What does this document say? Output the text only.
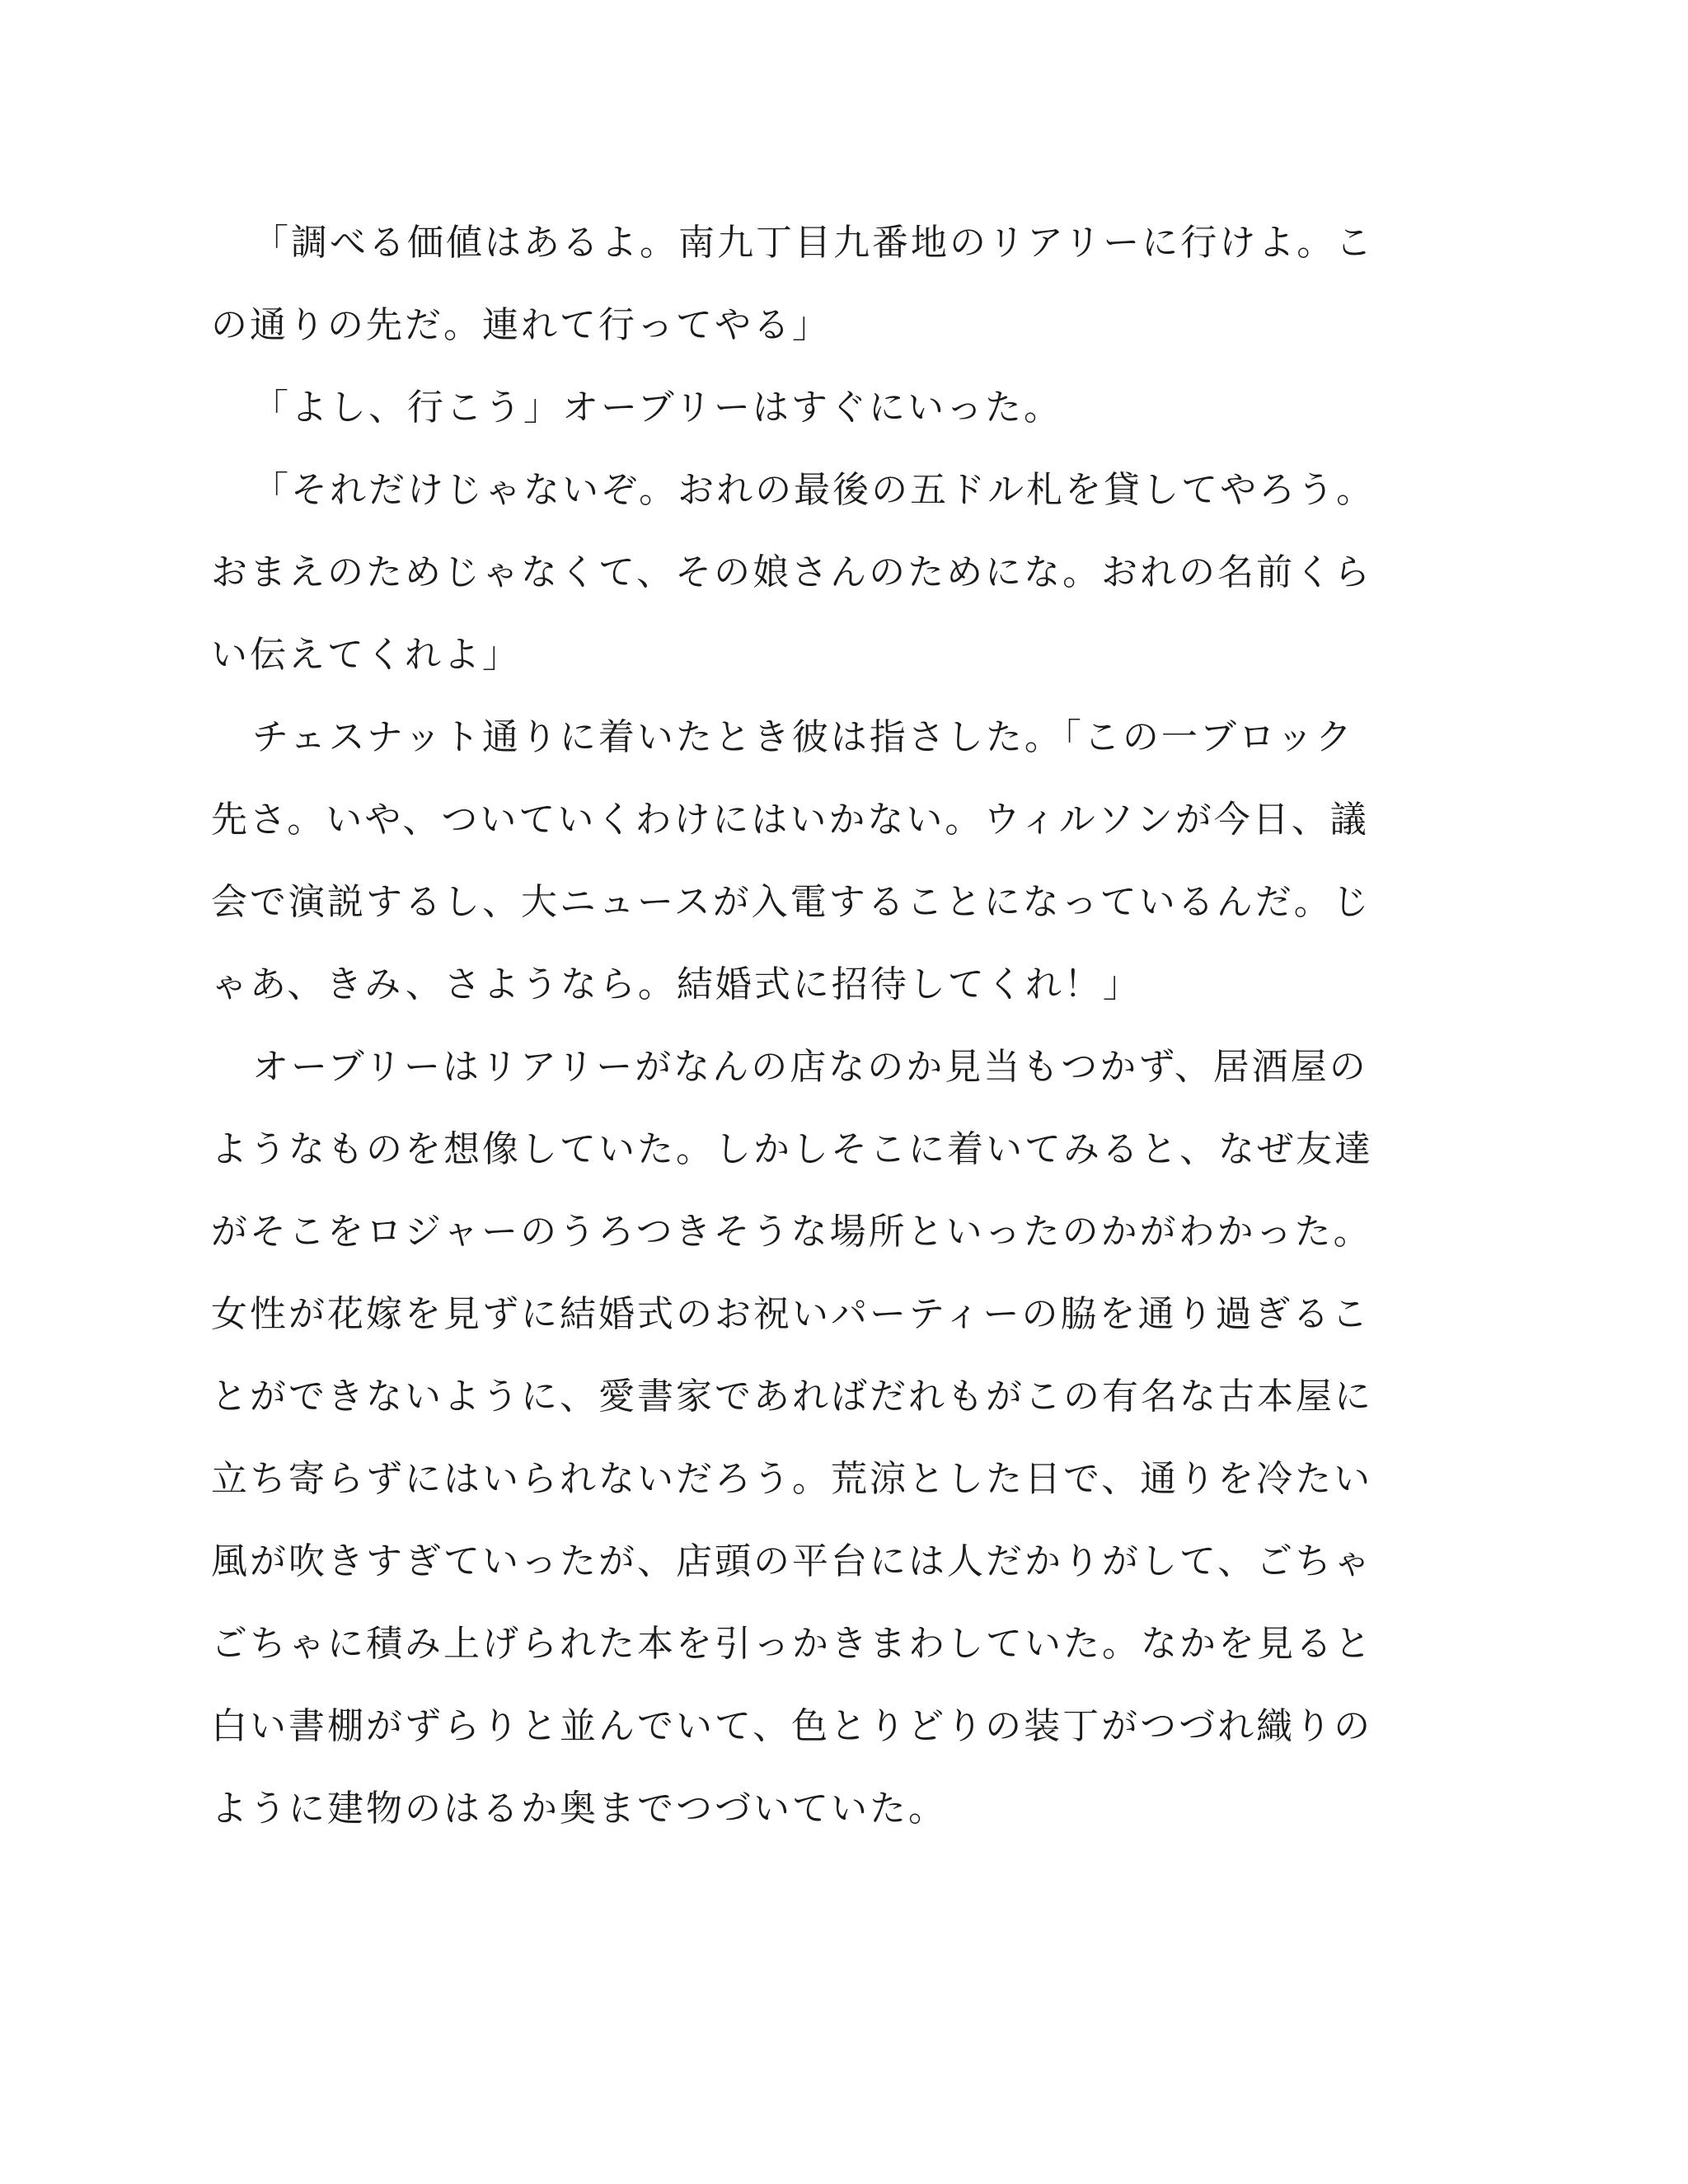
「調べる価値はあるよ。南九丁目九番地のリアリーに行けよ。こ
の通りの先だ。連れて行ってやる」
「よし、行こう」オーブリーはすぐにいった。
「それだけじゃないぞ。おれの最後の五ドル札を貸してやろう。
おまえのためじゃなくて、その娘さんのためにな。おれの名前くら
い伝えてくれよ」
チェスナット通りに着いたとき彼は指さした。「この一ブロック
先さ。いや、ついていくわけにはいかない。ウィルソンが今日、議
会で演説するし、大ニュースが入電することになっているんだ。じ
ゃあ、きみ、さようなら。結婚式に招待してくれ！」
オーブリーはリアリーがなんの店なのか見当もつかず、居酒屋の
ようなものを想像していた。しかしそこに着いてみると、なぜ友達
がそこをロジャーのうろつきそうな場所といったのかがわかった。
女性が花嫁を見ずに結婚式のお祝いパーティーの脇を通り過ぎるこ
とができないように、愛書家であればだれもがこの有名な古本屋に
立ち寄らずにはいられないだろう。荒涼とした日で、通りを冷たい
風が吹きすぎていったが、店頭の平台には人だかりがして、ごちゃ
ごちゃに積み上げられた本を引っかきまわしていた。なかを見ると
白い書棚がずらりと並んでいて、色とりどりの装丁がつづれ織りの
ように建物のはるか奥までつづいていた。
